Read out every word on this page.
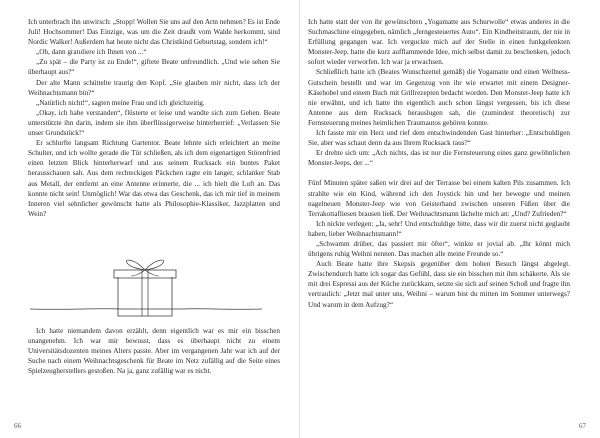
Ich unterbrach ihn unwirsch: „Stopp! Wollen Sie uns auf den Arm nehmen? Es ist Ende Juli! Hochsommer! Das Einzige, was um die Zeit draußt vom Walde herkommt, sind Nordic Walker! Außerdem hat heute nicht das Christkind Geburtstag, sondern ich!“

„Oh, dann gratuliere ich Ihnen von ...“

„Zu spät – die Party ist zu Ende!“, giftete Beate unfreundlich. „Und wie sehen Sie überhaupt aus?“

Der alte Mann schüttelte traurig den Kopf. „Sie glauben mir nicht, dass ich der Weihnachtsmann bin?“

„Natürlich nicht!“, sagten meine Frau und ich gleichzeitig.

„Okay, ich habe verstanden“, flüsterte er leise und wandte sich zum Gehen. Beate unterstützte ihn darin, indem sie ihm überflüssigerweise hinterherrief: „Verlassen Sie unser Grundstück!“

Er schlurfte langsam Richtung Gartentor. Beate lehnte sich erleichtert an meine Schulter, und ich wollte gerade die Tür schließen, als ich dem eigenartigen Störenfried einen letzten Blick hinterherwarf und aus seinem Rucksack ein buntes Paket herausschauen sah. Aus dem rechteckigen Päckchen ragte ein langer, schlanker Stab aus Metall, der entfernt an eine Antenne erinnerte, die ... ich hielt die Luft an. Das konnte nicht sein! Unmöglich! War das etwa das Geschenk, das ich mir tief in meinem Inneren viel sehnlicher gewünscht hatte als Philosophie-Klassiker, Jazzplatten und Wein?

Ich hatte niemandem davon erzählt, denn eigentlich war es mir ein bisschen unangenehm. Ich war mir bewusst, dass es überhaupt nicht zu einem Universitätsdozenten meines Alters passte. Aber im vergangenen Jahr war ich auf der Suche nach einem Weihnachtsgeschenk für Beate im Netz zufällig auf die Seite eines Spielzeugherstellers gestoßen. Na ja, ganz zufällig war es nicht.

66

Ich hatte statt der von ihr gewünschten „Yogamatte aus Schurwolle“ etwas anderes in die Suchmaschine eingegeben, nämlich „ferngesteuertes Auto“. Ein Kindheitstraum, der nie in Erfüllung gegangen war. Ich verguckte mich auf der Stelle in einen funkgelenkten Monster-Jeep, hatte die kurz aufflammende Idee, mich selbst damit zu beschenken, jedoch sofort wieder verworfen. Ich war ja erwachsen.

Schließlich hatte ich (Beates Wunschzettel gemäß) die Yogamatte und einen Wellness-Gutschein bestellt und war im Gegenzug von ihr wie erwartet mit einem Designer-Käsehobel und einem Buch mit Grillrezepten bedacht worden. Den Monster-Jeep hatte ich nie erwähnt, und ich hatte ihn eigentlich auch schon längst vergessen, bis ich diese Antenne aus dem Rucksack herauslugen sah, die (zumindest theoretisch) zur Fernsteuerung meines heimlichen Traumautos gehören konnte.

Ich fasste mir ein Herz und rief dem entschwindenden Gast hinterher: „Entschuldigen Sie, aber was schaut denn da aus Ihrem Rucksack raus?“

Er drehte sich um: „Ach nichts, das ist nur die Fernsteuerung eines ganz gewöhnlichen Monster-Jeeps, der ...“

Fünf Minuten später saßen wir drei auf der Terrasse bei einem kalten Pils zusammen. Ich strahlte wie ein Kind, während ich den Joystick hin und her bewegte und meinen nagelneuen Monster-Jeep wie von Geisterhand zwischen unseren Füßen über die Terrakottafliesen brausen ließ. Der Weihnachtsmann lächelte mich an: „Und? Zufrieden?“

Ich nickte verlegen: „Ja, sehr! Und entschuldige bitte, dass wir dir zuerst nicht geglaubt haben, lieber Weihnachtsmann!“

„Schwamm drüber, das passiert mir öfter“, winkte er jovial ab. „Ihr könnt mich übrigens ruhig Weihni nennen. Das machen alle meine Freunde so.“

Auch Beate hatte ihre Skepsis gegenüber dem hohen Besuch längst abgelegt. Zwischendurch hatte ich sogar das Gefühl, dass sie ein bisschen mit ihm schäkerte. Als sie mit drei Espressi aus der Küche zurückkam, setzte sie sich auf seinen Schoß und fragte ihn vertraulich: „Jetzt mal unter uns, Weihni – warum bist du mitten im Sommer unterwegs? Und warum in dem Aufzug?“

67
